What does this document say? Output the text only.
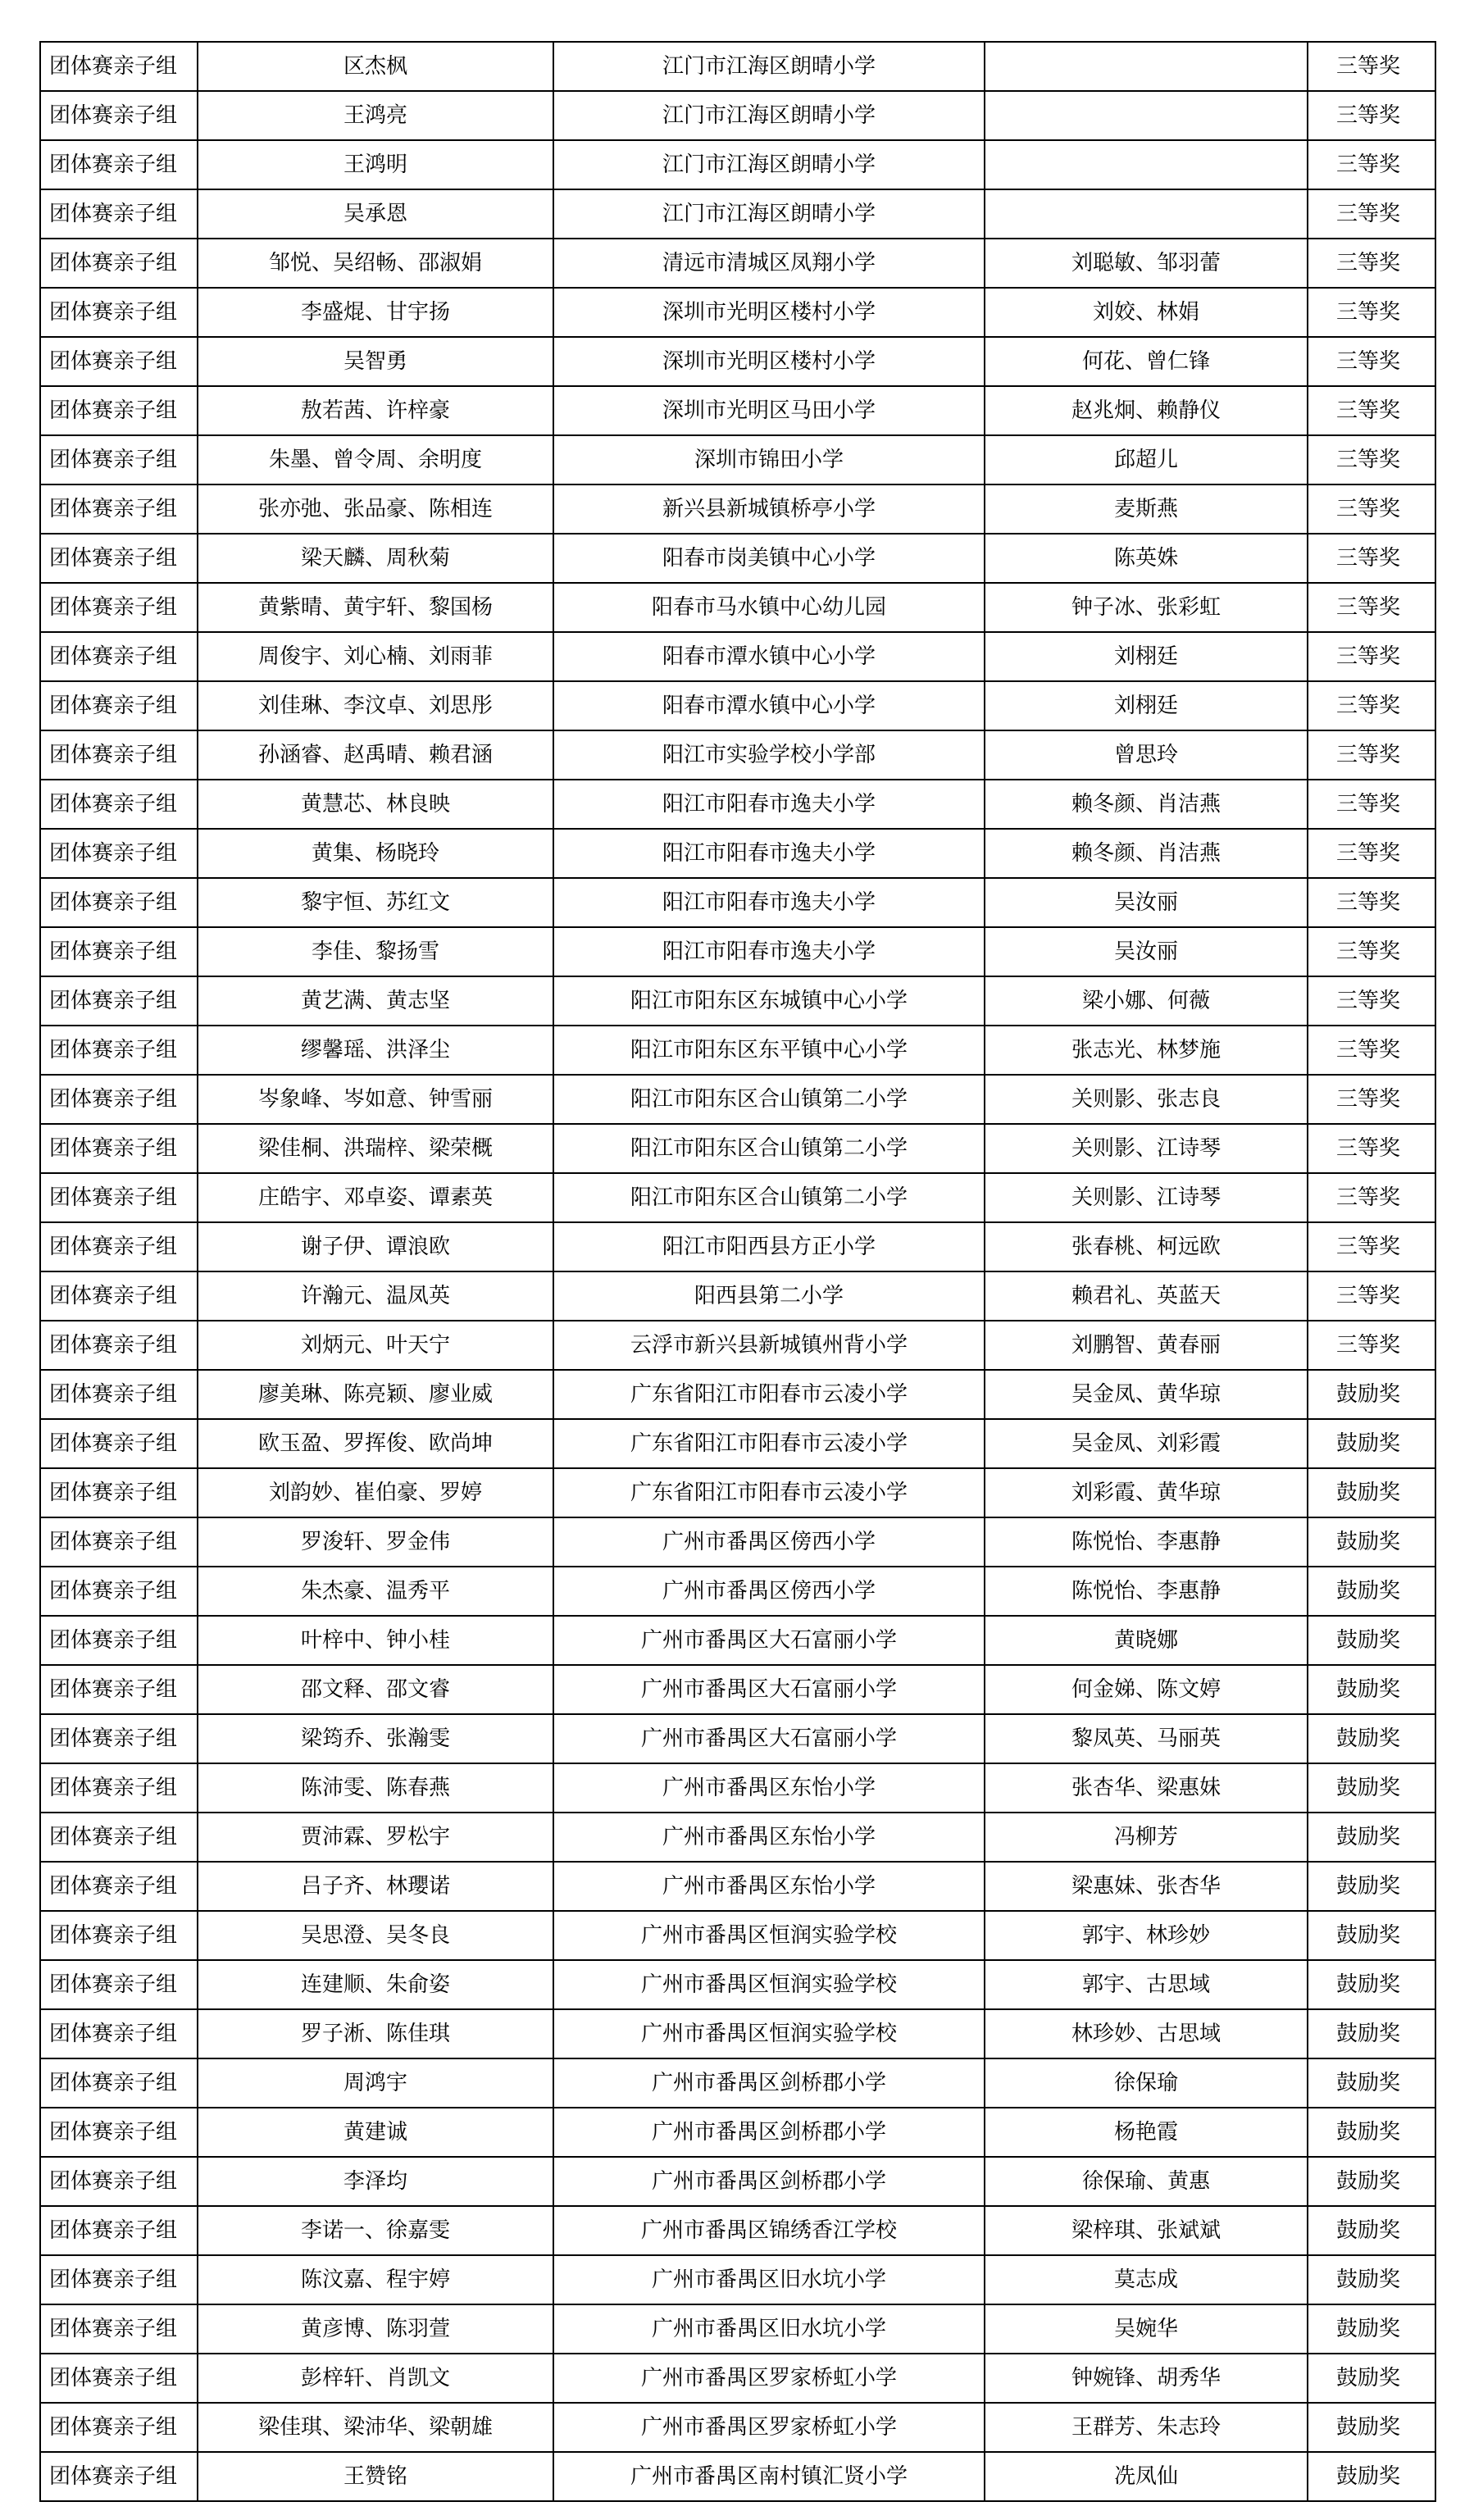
团体赛亲子组	区杰枫	江门市江海区朗晴小学		三等奖
团体赛亲子组	王鸿亮	江门市江海区朗晴小学		三等奖
团体赛亲子组	王鸿明	江门市江海区朗晴小学		三等奖
团体赛亲子组	吴承恩	江门市江海区朗晴小学		三等奖
团体赛亲子组	邹悦、吴绍畅、邵淑娟	清远市清城区凤翔小学	刘聪敏、邹羽蕾	三等奖
团体赛亲子组	李盛焜、甘宇扬	深圳市光明区楼村小学	刘姣、林娟	三等奖
团体赛亲子组	吴智勇	深圳市光明区楼村小学	何花、曾仁锋	三等奖
团体赛亲子组	敖若茜、许梓豪	深圳市光明区马田小学	赵兆炯、赖静仪	三等奖
团体赛亲子组	朱墨、曾令周、余明度	深圳市锦田小学	邱超儿	三等奖
团体赛亲子组	张亦弛、张品豪、陈相连	新兴县新城镇桥亭小学	麦斯燕	三等奖
团体赛亲子组	梁天麟、周秋菊	阳春市岗美镇中心小学	陈英姝	三等奖
团体赛亲子组	黄紫晴、黄宇轩、黎国杨	阳春市马水镇中心幼儿园	钟子冰、张彩虹	三等奖
团体赛亲子组	周俊宇、刘心楠、刘雨菲	阳春市潭水镇中心小学	刘栩廷	三等奖
团体赛亲子组	刘佳琳、李汶卓、刘思彤	阳春市潭水镇中心小学	刘栩廷	三等奖
团体赛亲子组	孙涵睿、赵禹晴、赖君涵	阳江市实验学校小学部	曾思玲	三等奖
团体赛亲子组	黄慧芯、林良映	阳江市阳春市逸夫小学	赖冬颜、肖洁燕	三等奖
团体赛亲子组	黄集、杨晓玲	阳江市阳春市逸夫小学	赖冬颜、肖洁燕	三等奖
团体赛亲子组	黎宇恒、苏红文	阳江市阳春市逸夫小学	吴汝丽	三等奖
团体赛亲子组	李佳、黎扬雪	阳江市阳春市逸夫小学	吴汝丽	三等奖
团体赛亲子组	黄艺满、黄志坚	阳江市阳东区东城镇中心小学	梁小娜、何薇	三等奖
团体赛亲子组	缪馨瑶、洪泽尘	阳江市阳东区东平镇中心小学	张志光、林梦施	三等奖
团体赛亲子组	岑象峰、岑如意、钟雪丽	阳江市阳东区合山镇第二小学	关则影、张志良	三等奖
团体赛亲子组	梁佳桐、洪瑞梓、梁荣概	阳江市阳东区合山镇第二小学	关则影、江诗琴	三等奖
团体赛亲子组	庄皓宇、邓卓姿、谭素英	阳江市阳东区合山镇第二小学	关则影、江诗琴	三等奖
团体赛亲子组	谢子伊、谭浪欧	阳江市阳西县方正小学	张春桃、柯远欧	三等奖
团体赛亲子组	许瀚元、温凤英	阳西县第二小学	赖君礼、英蓝天	三等奖
团体赛亲子组	刘炳元、叶天宁	云浮市新兴县新城镇州背小学	刘鹏智、黄春丽	三等奖
团体赛亲子组	廖美琳、陈亮颖、廖业威	广东省阳江市阳春市云凌小学	吴金凤、黄华琼	鼓励奖
团体赛亲子组	欧玉盈、罗挥俊、欧尚坤	广东省阳江市阳春市云凌小学	吴金凤、刘彩霞	鼓励奖
团体赛亲子组	刘韵妙、崔伯豪、罗婷	广东省阳江市阳春市云凌小学	刘彩霞、黄华琼	鼓励奖
团体赛亲子组	罗浚轩、罗金伟	广州市番禺区傍西小学	陈悦怡、李惠静	鼓励奖
团体赛亲子组	朱杰豪、温秀平	广州市番禺区傍西小学	陈悦怡、李惠静	鼓励奖
团体赛亲子组	叶梓中、钟小桂	广州市番禺区大石富丽小学	黄晓娜	鼓励奖
团体赛亲子组	邵文释、邵文睿	广州市番禺区大石富丽小学	何金娣、陈文婷	鼓励奖
团体赛亲子组	梁筠乔、张瀚雯	广州市番禺区大石富丽小学	黎凤英、马丽英	鼓励奖
团体赛亲子组	陈沛雯、陈春燕	广州市番禺区东怡小学	张杏华、梁惠妹	鼓励奖
团体赛亲子组	贾沛霖、罗松宇	广州市番禺区东怡小学	冯柳芳	鼓励奖
团体赛亲子组	吕子齐、林瓔诺	广州市番禺区东怡小学	梁惠妹、张杏华	鼓励奖
团体赛亲子组	吴思澄、吴冬良	广州市番禺区恒润实验学校	郭宇、林珍妙	鼓励奖
团体赛亲子组	连建顺、朱俞姿	广州市番禺区恒润实验学校	郭宇、古思域	鼓励奖
团体赛亲子组	罗子淅、陈佳琪	广州市番禺区恒润实验学校	林珍妙、古思域	鼓励奖
团体赛亲子组	周鸿宇	广州市番禺区剑桥郡小学	徐保瑜	鼓励奖
团体赛亲子组	黄建诚	广州市番禺区剑桥郡小学	杨艳霞	鼓励奖
团体赛亲子组	李泽均	广州市番禺区剑桥郡小学	徐保瑜、黄惠	鼓励奖
团体赛亲子组	李诺一、徐嘉雯	广州市番禺区锦绣香江学校	梁梓琪、张斌斌	鼓励奖
团体赛亲子组	陈汶嘉、程宇婷	广州市番禺区旧水坑小学	莫志成	鼓励奖
团体赛亲子组	黄彦博、陈羽萱	广州市番禺区旧水坑小学	吴婉华	鼓励奖
团体赛亲子组	彭梓轩、肖凯文	广州市番禺区罗家桥虹小学	钟婉锋、胡秀华	鼓励奖
团体赛亲子组	梁佳琪、梁沛华、梁朝雄	广州市番禺区罗家桥虹小学	王群芳、朱志玲	鼓励奖
团体赛亲子组	王赞铭	广州市番禺区南村镇汇贤小学	冼凤仙	鼓励奖
